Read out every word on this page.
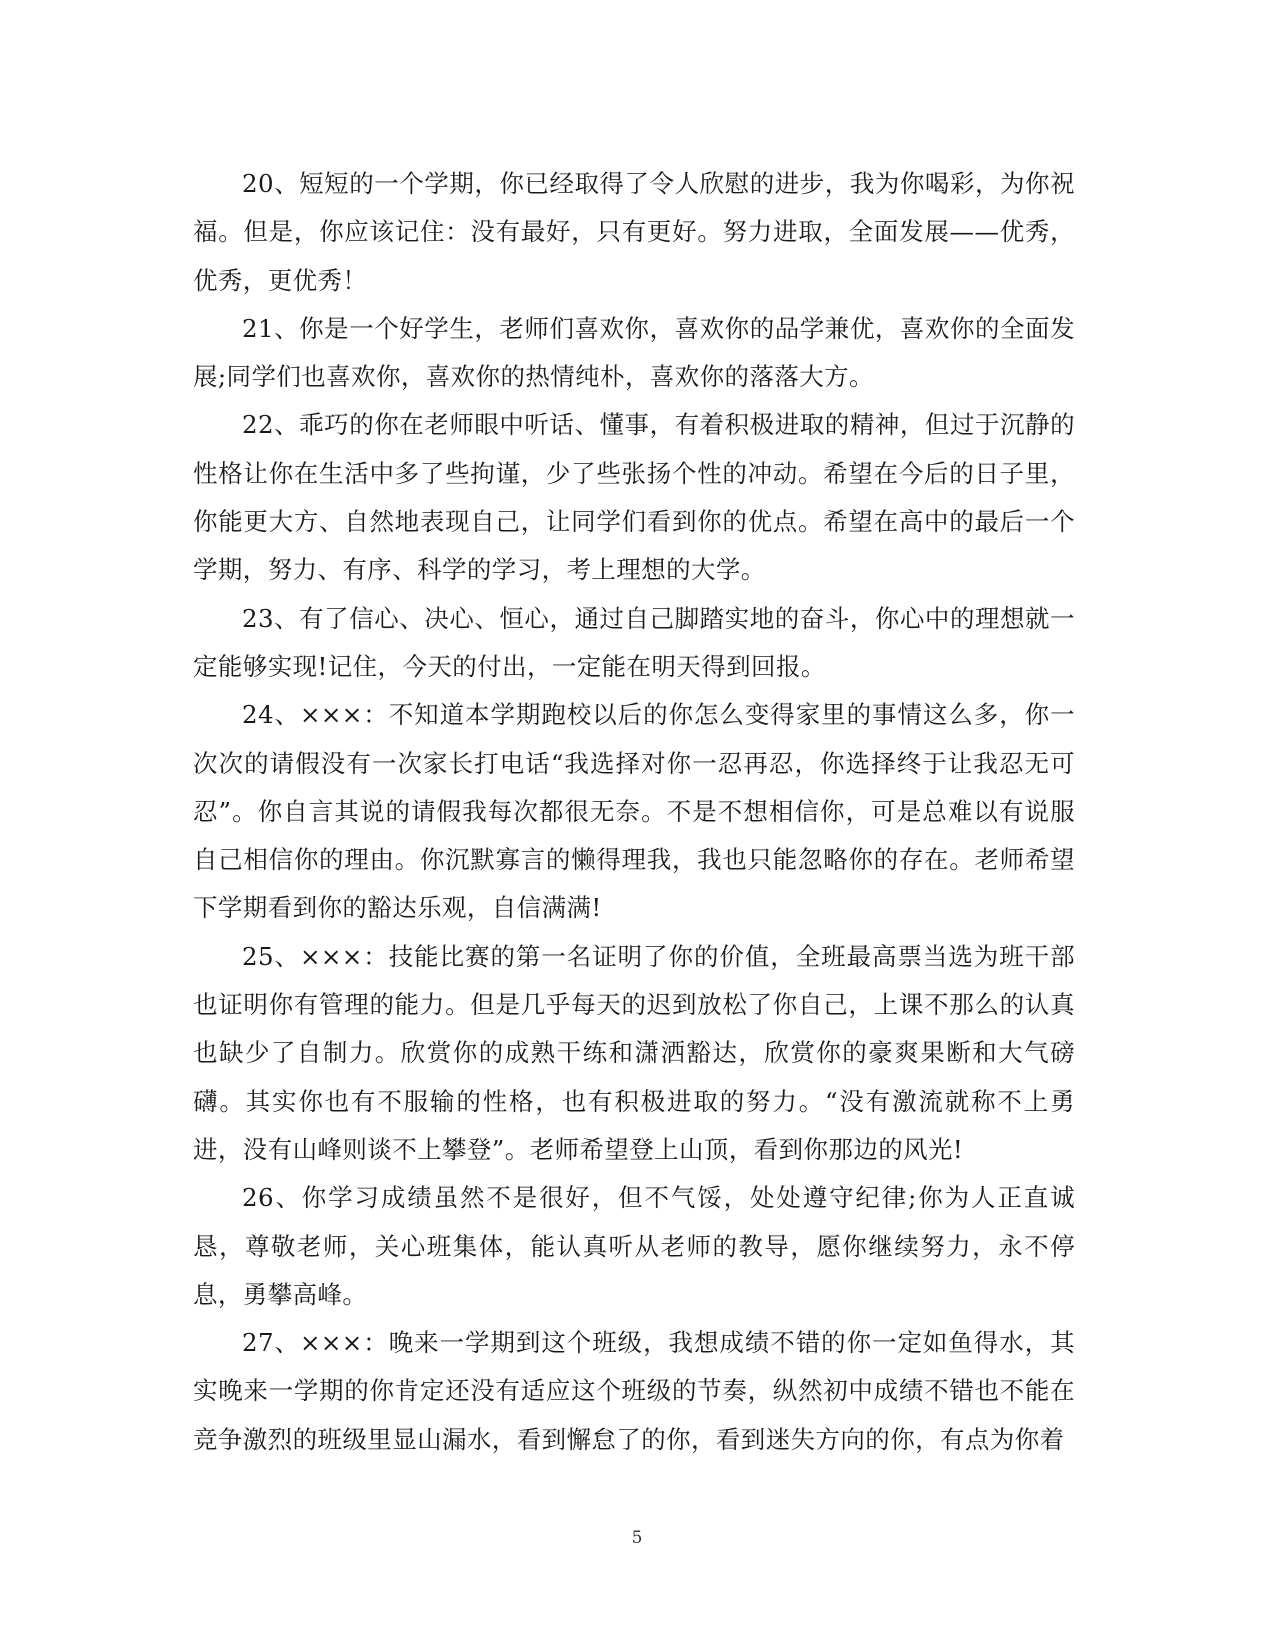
20、短短的一个学期，你已经取得了令人欣慰的进步，我为你喝彩，为你祝福。但是，你应该记住：没有最好，只有更好。努力进取，全面发展——优秀，优秀，更优秀！

21、你是一个好学生，老师们喜欢你，喜欢你的品学兼优，喜欢你的全面发展;同学们也喜欢你，喜欢你的热情纯朴，喜欢你的落落大方。

22、乖巧的你在老师眼中听话、懂事，有着积极进取的精神，但过于沉静的性格让你在生活中多了些拘谨，少了些张扬个性的冲动。希望在今后的日子里，你能更大方、自然地表现自己，让同学们看到你的优点。希望在高中的最后一个学期，努力、有序、科学的学习，考上理想的大学。

23、有了信心、决心、恒心，通过自己脚踏实地的奋斗，你心中的理想就一定能够实现!记住，今天的付出，一定能在明天得到回报。

24、×××：不知道本学期跑校以后的你怎么变得家里的事情这么多，你一次次的请假没有一次家长打电话“我选择对你一忍再忍，你选择终于让我忍无可忍”。你自言其说的请假我每次都很无奈。不是不想相信你，可是总难以有说服自己相信你的理由。你沉默寡言的懒得理我，我也只能忽略你的存在。老师希望下学期看到你的豁达乐观，自信满满!

25、×××：技能比赛的第一名证明了你的价值，全班最高票当选为班干部也证明你有管理的能力。但是几乎每天的迟到放松了你自己，上课不那么的认真也缺少了自制力。欣赏你的成熟干练和潇洒豁达，欣赏你的豪爽果断和大气磅礴。其实你也有不服输的性格，也有积极进取的努力。“没有激流就称不上勇进，没有山峰则谈不上攀登”。老师希望登上山顶，看到你那边的风光!

26、你学习成绩虽然不是很好，但不气馁，处处遵守纪律;你为人正直诚恳，尊敬老师，关心班集体，能认真听从老师的教导，愿你继续努力，永不停息，勇攀高峰。

27、×××：晚来一学期到这个班级，我想成绩不错的你一定如鱼得水，其实晚来一学期的你肯定还没有适应这个班级的节奏，纵然初中成绩不错也不能在竞争激烈的班级里显山漏水，看到懈怠了的你，看到迷失方向的你，有点为你着

5
